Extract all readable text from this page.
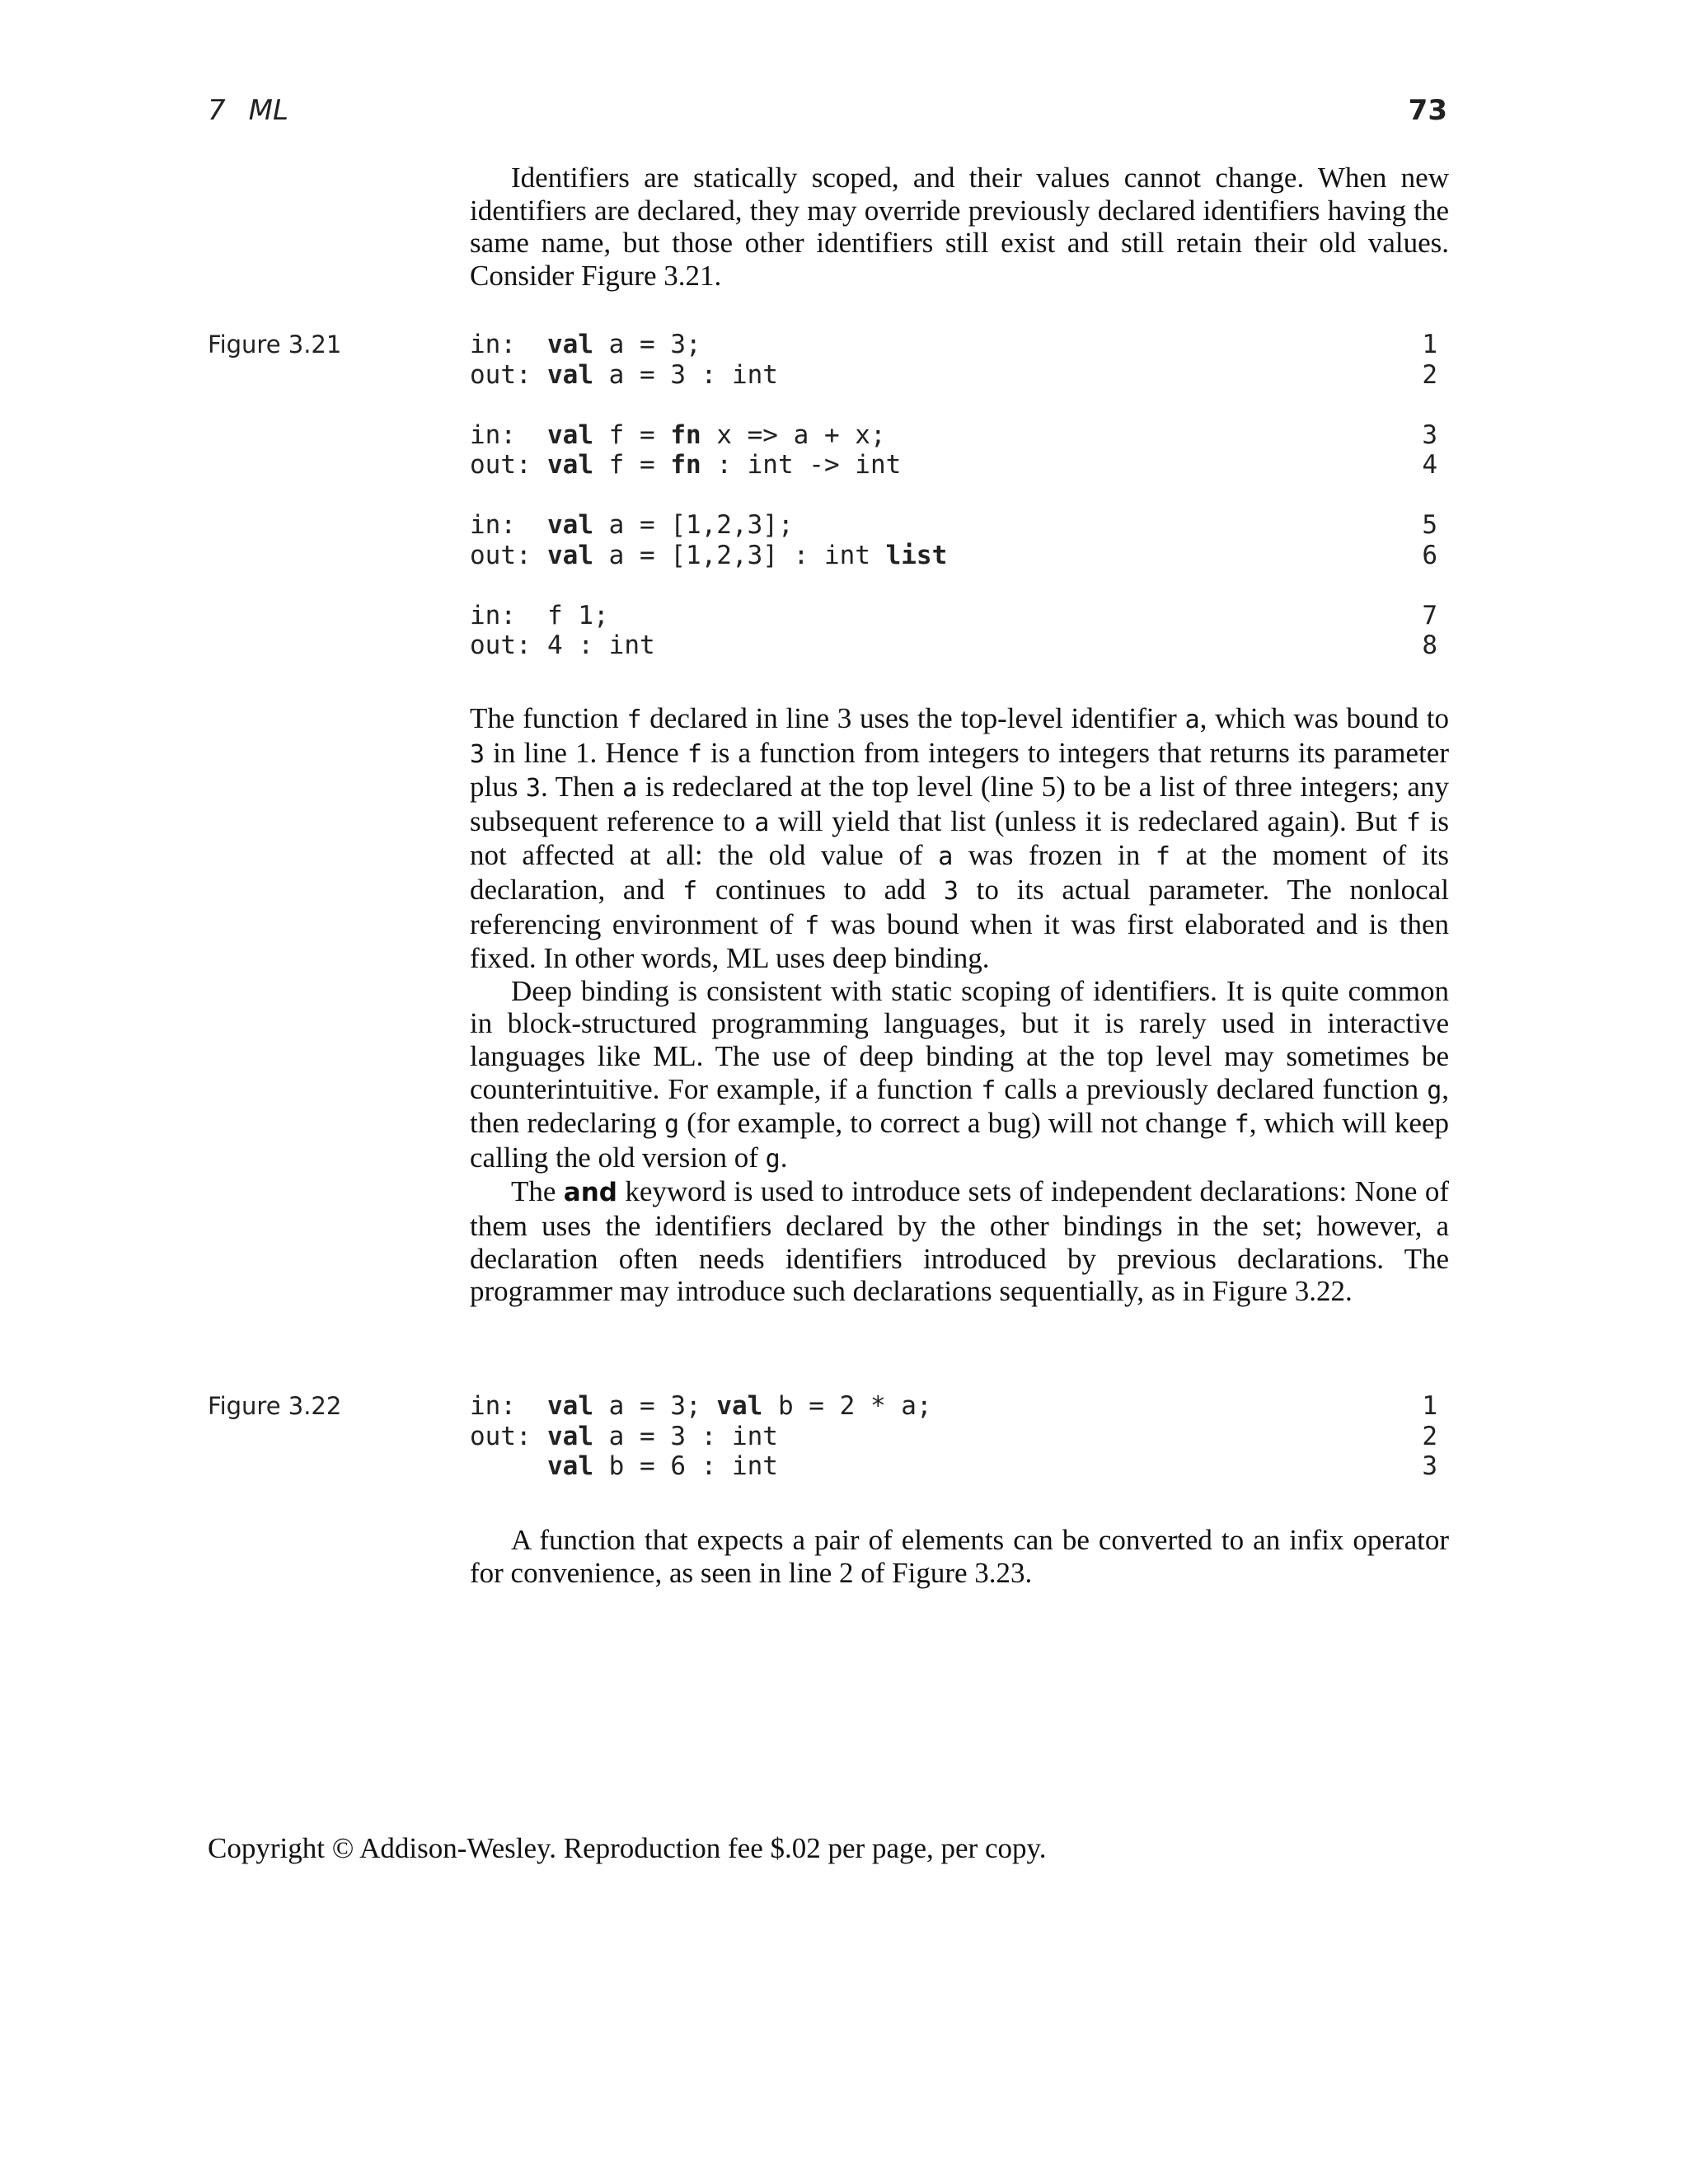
7 ML	73

Identifiers are statically scoped, and their values cannot change. When new identifiers are declared, they may override previously declared identifiers having the same name, but those other identifiers still exist and still retain their old values. Consider Figure 3.21.

Figure 3.21	in: val a = 3;	1
out: val a = 3 : int	2
in: val f = fn x => a + x;	3
out: val f = fn : int -> int	4
in: val a = [1,2,3];	5
out: val a = [1,2,3] : int list	6
in: f 1;	7
out: 4 : int	8

The function f declared in line 3 uses the top-level identifier a, which was bound to 3 in line 1. Hence f is a function from integers to integers that returns its parameter plus 3. Then a is redeclared at the top level (line 5) to be a list of three integers; any subsequent reference to a will yield that list (unless it is redeclared again). But f is not affected at all: the old value of a was frozen in f at the moment of its declaration, and f continues to add 3 to its actual parameter. The nonlocal referencing environment of f was bound when it was first elaborated and is then fixed. In other words, ML uses deep binding.

Deep binding is consistent with static scoping of identifiers. It is quite common in block-structured programming languages, but it is rarely used in interactive languages like ML. The use of deep binding at the top level may sometimes be counterintuitive. For example, if a function f calls a previously declared function g, then redeclaring g (for example, to correct a bug) will not change f, which will keep calling the old version of g.

The and keyword is used to introduce sets of independent declarations: None of them uses the identifiers declared by the other bindings in the set; however, a declaration often needs identifiers introduced by previous declarations. The programmer may introduce such declarations sequentially, as in Figure 3.22.

Figure 3.22	in: val a = 3; val b = 2 * a;	1
out: val a = 3 : int	2
val b = 6 : int	3

A function that expects a pair of elements can be converted to an infix operator for convenience, as seen in line 2 of Figure 3.23.

Copyright © Addison-Wesley. Reproduction fee $.02 per page, per copy.
